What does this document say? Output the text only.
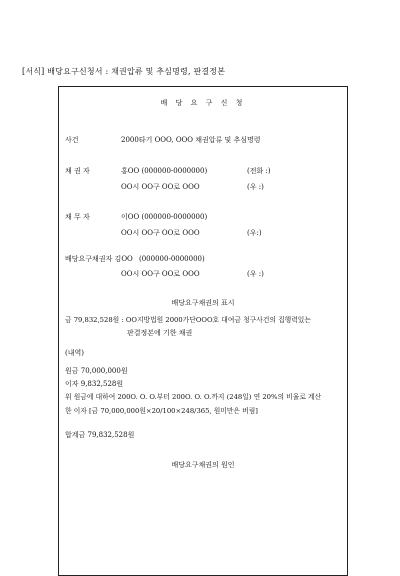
[서식] 배당요구신청서 : 채권압류 및 추심명령, 판결정본
배 당 요 구 신 청
사건	2000타기 OOO, OOO 채권압류 및 추심명령
채 권 자	홍OO (000000-0000000)	(전화 :)
OO시 OO구 OO로 OOO	(우 :)
채 무 자	이OO (000000-0000000)
OO시 OO구 OO로 OOO	(우:)
배당요구채권자 김OO (000000-0000000)
OO시 OO구 OO로 OOO	(우 :)
배당요구채권의 표시
금 79,832,528원 : OO지방법원 2000가단OOO호 대여금 청구사건의 집행력있는
판결정본에 기한 채권
(내역)
원금 70,000,000원
이자 9,832,528원
위 원금에 대하여 200O. O. O.부터 200O. O. O.까지 (248일) 연 20%의 비율로 계산
한 이자 [금 70,000,000원×20/100×248/365, 원미만은 버림]
합계금 79,832,528원
배당요구채권의 원인
